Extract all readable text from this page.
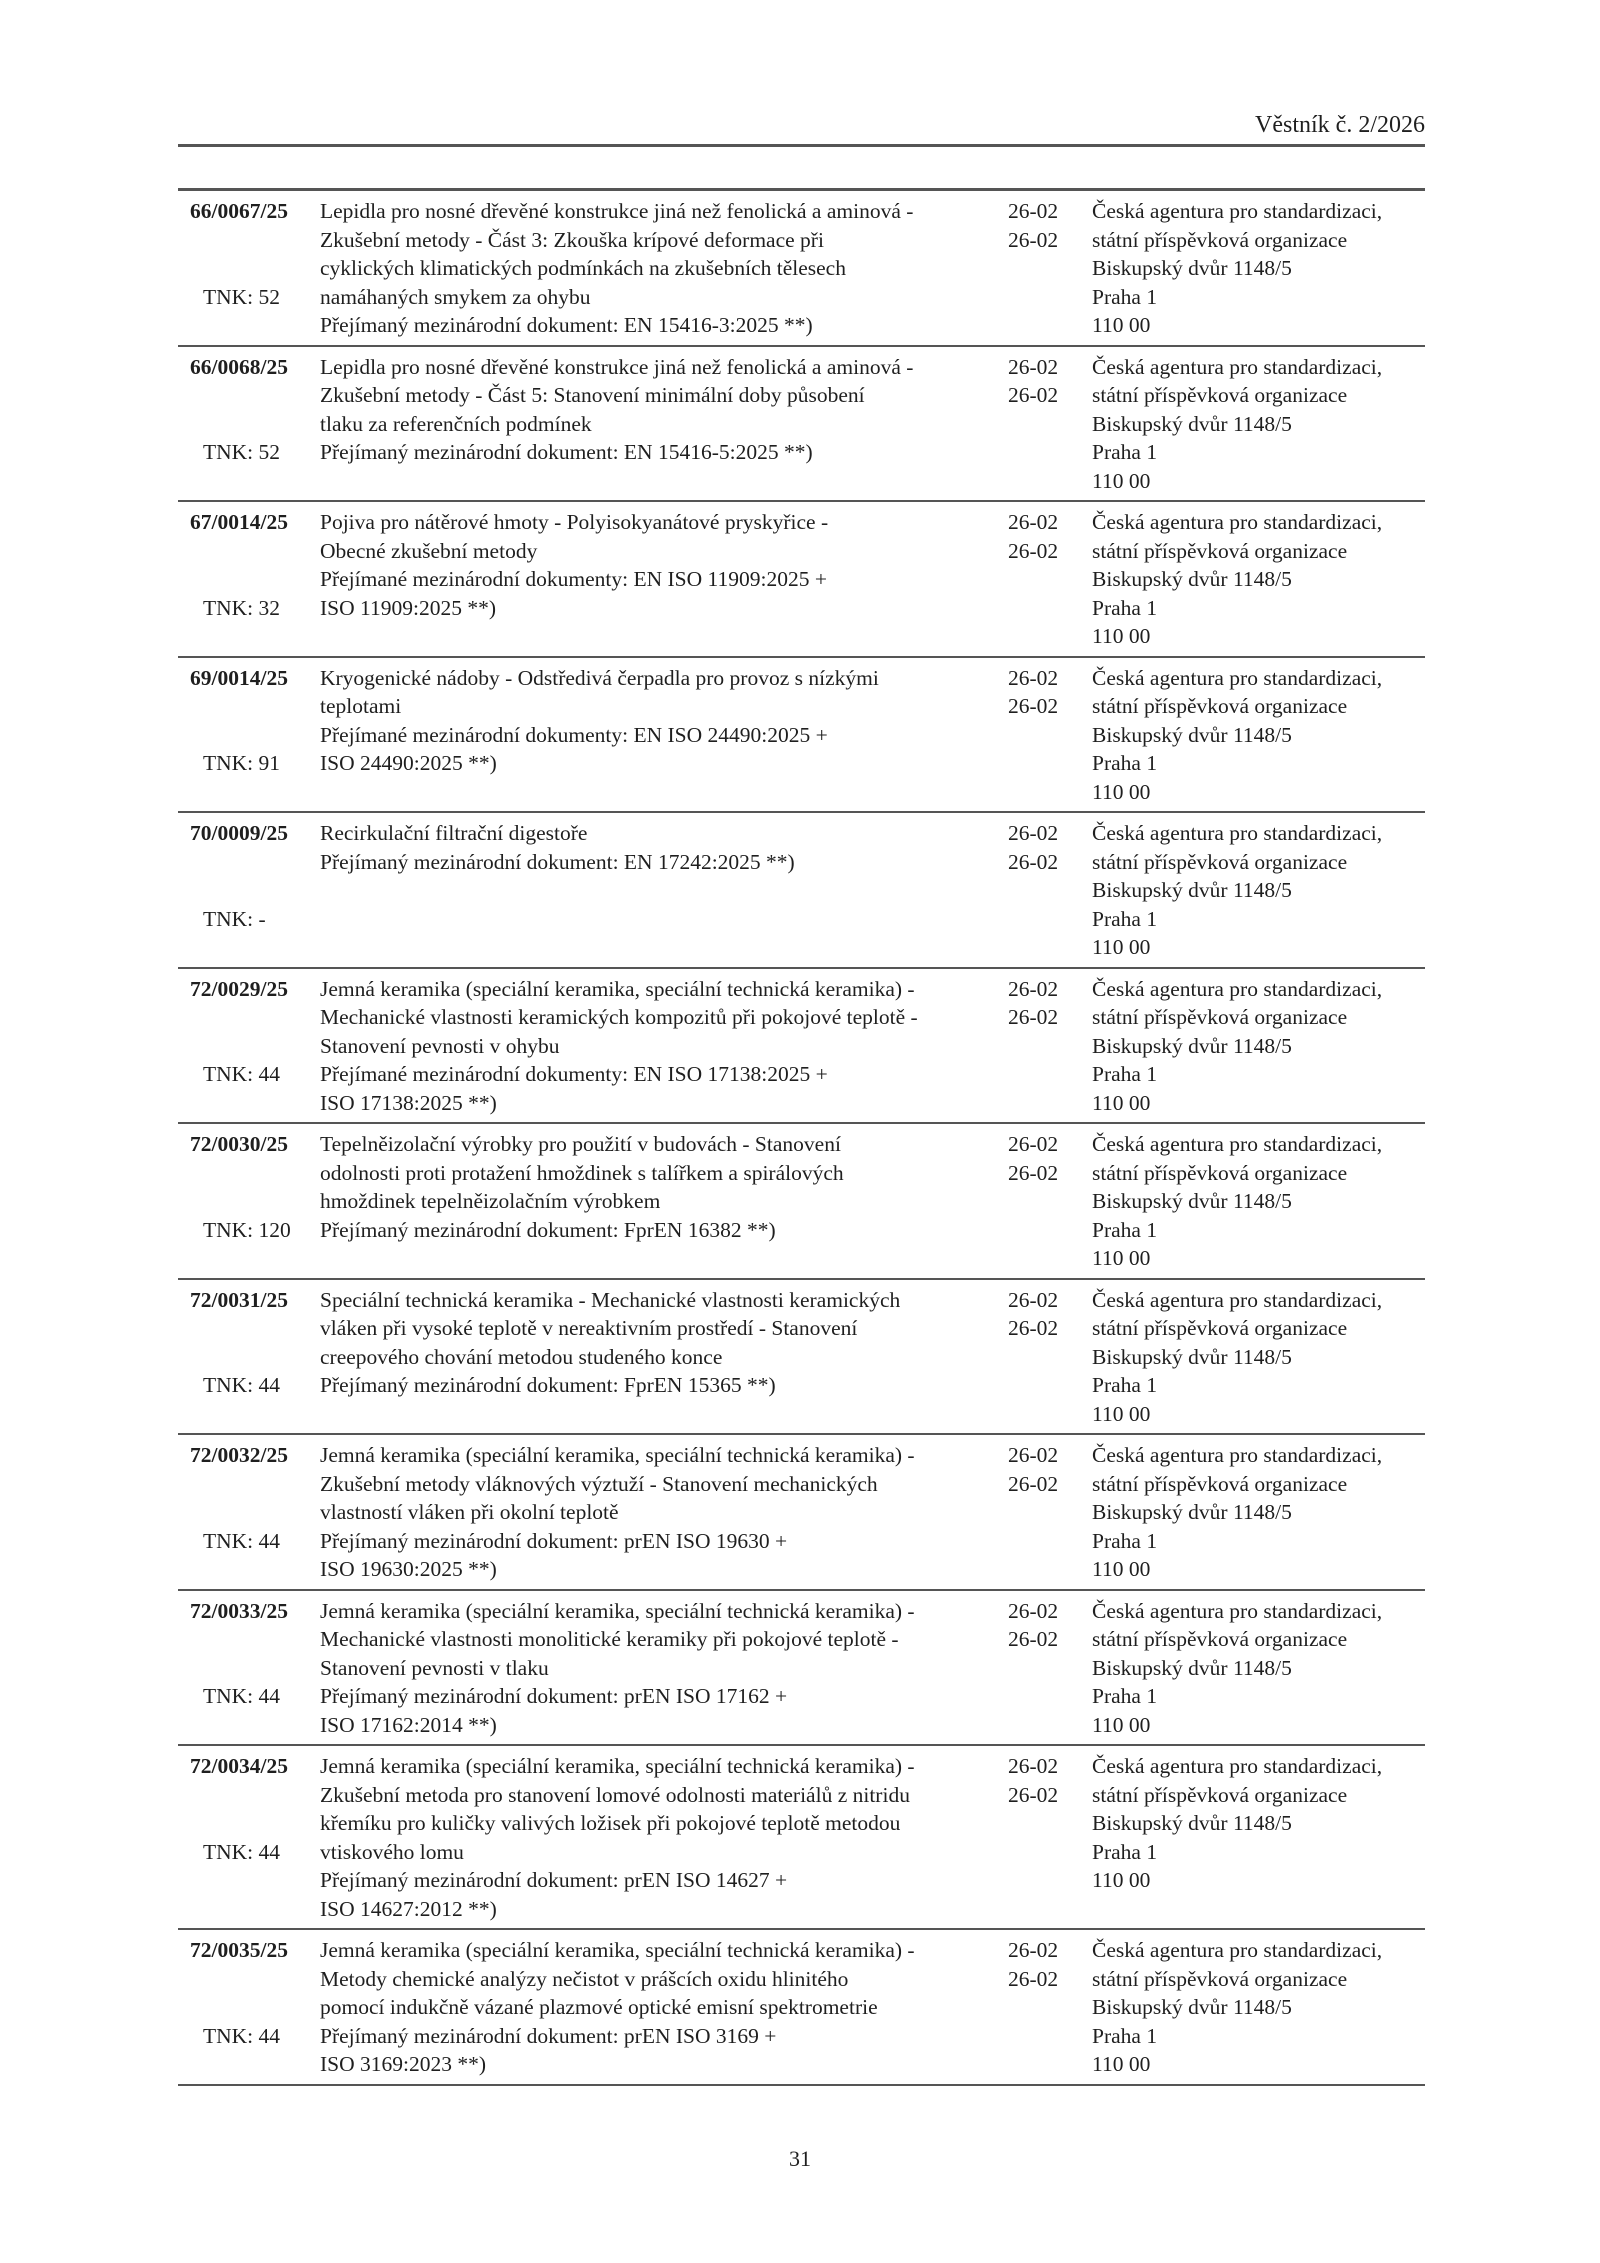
Věstník č. 2/2026
66/0067/25
TNK: 52
Lepidla pro nosné dřevěné konstrukce jiná než fenolická a aminová -
Zkušební metody - Část 3: Zkouška krípové deformace při
cyklických klimatických podmínkách na zkušebních tělesech
namáhaných smykem za ohybu
Přejímaný mezinárodní dokument: EN 15416-3:2025 **)
26-02
26-02
Česká agentura pro standardizaci,
státní příspěvková organizace
Biskupský dvůr 1148/5
Praha 1
110 00
66/0068/25
TNK: 52
Lepidla pro nosné dřevěné konstrukce jiná než fenolická a aminová -
Zkušební metody - Část 5: Stanovení minimální doby působení
tlaku za referenčních podmínek
Přejímaný mezinárodní dokument: EN 15416-5:2025 **)
26-02
26-02
Česká agentura pro standardizaci,
státní příspěvková organizace
Biskupský dvůr 1148/5
Praha 1
110 00
67/0014/25
TNK: 32
Pojiva pro nátěrové hmoty - Polyisokyanátové pryskyřice -
Obecné zkušební metody
Přejímané mezinárodní dokumenty: EN ISO 11909:2025 +
ISO 11909:2025 **)
26-02
26-02
Česká agentura pro standardizaci,
státní příspěvková organizace
Biskupský dvůr 1148/5
Praha 1
110 00
69/0014/25
TNK: 91
Kryogenické nádoby - Odstředivá čerpadla pro provoz s nízkými
teplotami
Přejímané mezinárodní dokumenty: EN ISO 24490:2025 +
ISO 24490:2025 **)
26-02
26-02
Česká agentura pro standardizaci,
státní příspěvková organizace
Biskupský dvůr 1148/5
Praha 1
110 00
70/0009/25
TNK: -
Recirkulační filtrační digestoře
Přejímaný mezinárodní dokument: EN 17242:2025 **)
26-02
26-02
Česká agentura pro standardizaci,
státní příspěvková organizace
Biskupský dvůr 1148/5
Praha 1
110 00
72/0029/25
TNK: 44
Jemná keramika (speciální keramika, speciální technická keramika) -
Mechanické vlastnosti keramických kompozitů při pokojové teplotě -
Stanovení pevnosti v ohybu
Přejímané mezinárodní dokumenty: EN ISO 17138:2025 +
ISO 17138:2025 **)
26-02
26-02
Česká agentura pro standardizaci,
státní příspěvková organizace
Biskupský dvůr 1148/5
Praha 1
110 00
72/0030/25
TNK: 120
Tepelněizolační výrobky pro použití v budovách - Stanovení
odolnosti proti protažení hmoždinek s talířkem a spirálových
hmoždinek tepelněizolačním výrobkem
Přejímaný mezinárodní dokument: FprEN 16382 **)
26-02
26-02
Česká agentura pro standardizaci,
státní příspěvková organizace
Biskupský dvůr 1148/5
Praha 1
110 00
72/0031/25
TNK: 44
Speciální technická keramika - Mechanické vlastnosti keramických
vláken při vysoké teplotě v nereaktivním prostředí - Stanovení
creepového chování metodou studeného konce
Přejímaný mezinárodní dokument: FprEN 15365 **)
26-02
26-02
Česká agentura pro standardizaci,
státní příspěvková organizace
Biskupský dvůr 1148/5
Praha 1
110 00
72/0032/25
TNK: 44
Jemná keramika (speciální keramika, speciální technická keramika) -
Zkušební metody vláknových výztuží - Stanovení mechanických
vlastností vláken při okolní teplotě
Přejímaný mezinárodní dokument: prEN ISO 19630 +
ISO 19630:2025 **)
26-02
26-02
Česká agentura pro standardizaci,
státní příspěvková organizace
Biskupský dvůr 1148/5
Praha 1
110 00
72/0033/25
TNK: 44
Jemná keramika (speciální keramika, speciální technická keramika) -
Mechanické vlastnosti monolitické keramiky při pokojové teplotě -
Stanovení pevnosti v tlaku
Přejímaný mezinárodní dokument: prEN ISO 17162 +
ISO 17162:2014 **)
26-02
26-02
Česká agentura pro standardizaci,
státní příspěvková organizace
Biskupský dvůr 1148/5
Praha 1
110 00
72/0034/25
TNK: 44
Jemná keramika (speciální keramika, speciální technická keramika) -
Zkušební metoda pro stanovení lomové odolnosti materiálů z nitridu
křemíku pro kuličky valivých ložisek při pokojové teplotě metodou
vtiskového lomu
Přejímaný mezinárodní dokument: prEN ISO 14627 +
ISO 14627:2012 **)
26-02
26-02
Česká agentura pro standardizaci,
státní příspěvková organizace
Biskupský dvůr 1148/5
Praha 1
110 00
72/0035/25
TNK: 44
Jemná keramika (speciální keramika, speciální technická keramika) -
Metody chemické analýzy nečistot v prášcích oxidu hlinitého
pomocí indukčně vázané plazmové optické emisní spektrometrie
Přejímaný mezinárodní dokument: prEN ISO 3169 +
ISO 3169:2023 **)
26-02
26-02
Česká agentura pro standardizaci,
státní příspěvková organizace
Biskupský dvůr 1148/5
Praha 1
110 00
31
